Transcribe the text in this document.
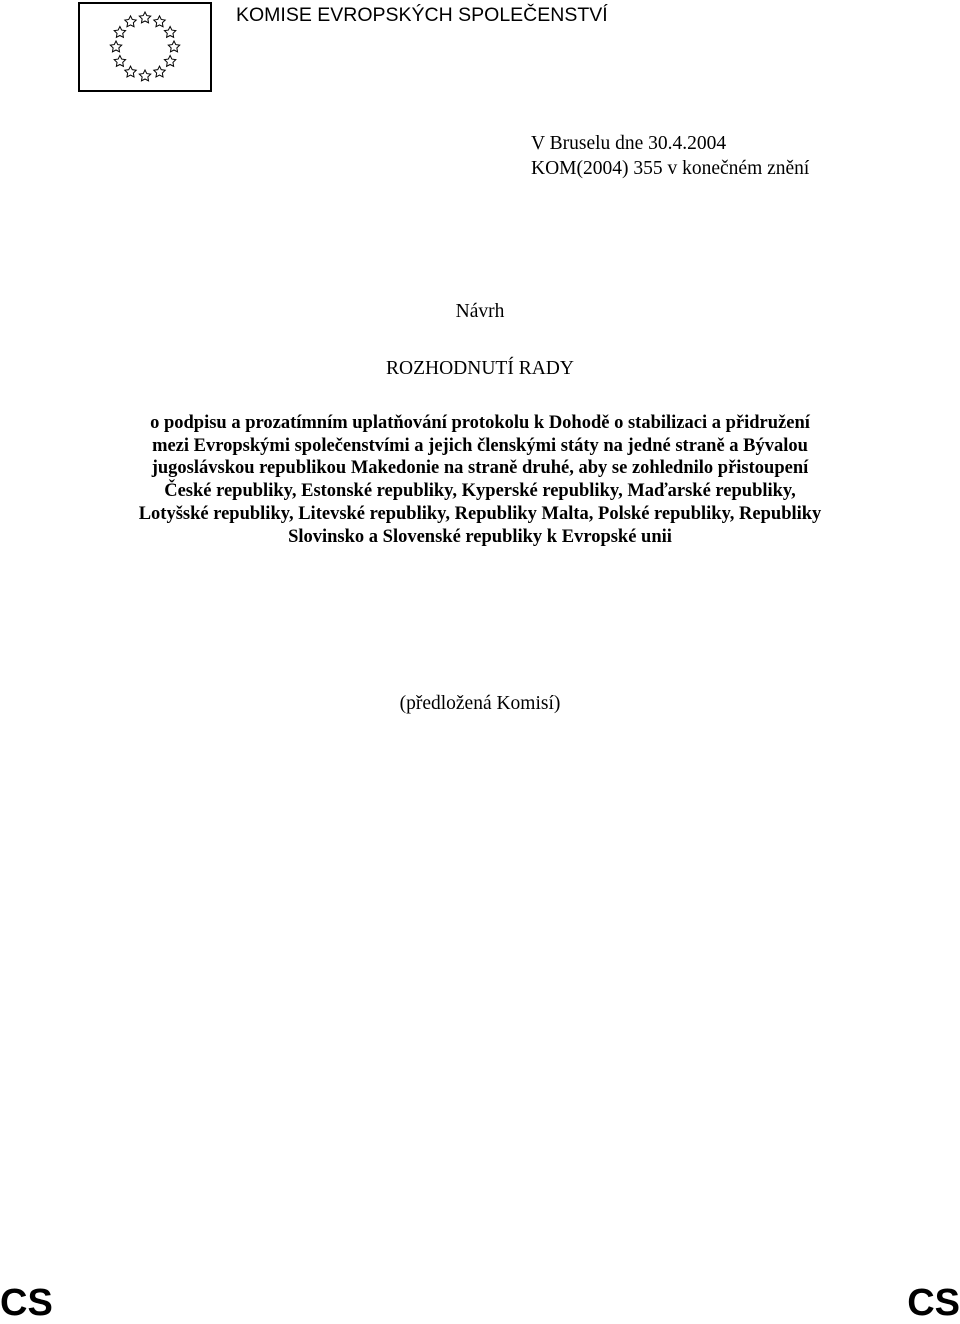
KOMISE EVROPSKÝCH SPOLEČENSTVÍ
V Bruselu dne 30.4.2004
KOM(2004) 355 v konečném znění
Návrh
ROZHODNUTÍ RADY
o podpisu a prozatímním uplatňování protokolu k Dohodě o stabilizaci a přidružení
mezi Evropskými společenstvími a jejich členskými státy na jedné straně a Bývalou
jugoslávskou republikou Makedonie na straně druhé, aby se zohlednilo přistoupení
České republiky, Estonské republiky, Kyperské republiky, Maďarské republiky,
Lotyšské republiky, Litevské republiky, Republiky Malta, Polské republiky, Republiky
Slovinsko a Slovenské republiky k Evropské unii
(předložená Komisí)
CS	CS
